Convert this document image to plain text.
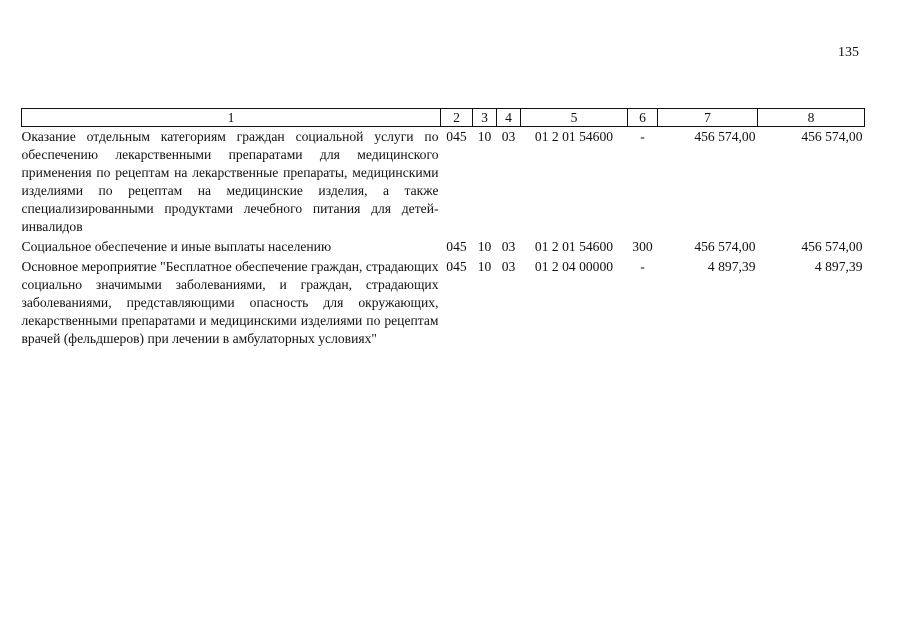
135
1	2	3	4	5	6	7	8
Оказание отдельным категориям граждан социальной услуги по обеспечению лекарственными препаратами для медицинского применения по рецептам на лекарственные препараты, медицинскими изделиями по рецептам на медицинские изделия, а также специализированными продуктами лечебного питания для детей-инвалидов	045	10	03	01 2 01 54600	-	456 574,00	456 574,00
Социальное обеспечение и иные выплаты населению	045	10	03	01 2 01 54600	300	456 574,00	456 574,00
Основное мероприятие "Бесплатное обеспечение граждан, страдающих социально значимыми заболеваниями, и граждан, страдающих заболеваниями, представляющими опасность для окружающих, лекарственными препаратами и медицинскими изделиями по рецептам врачей (фельдшеров) при лечении в амбулаторных условиях"	045	10	03	01 2 04 00000	-	4 897,39	4 897,39
